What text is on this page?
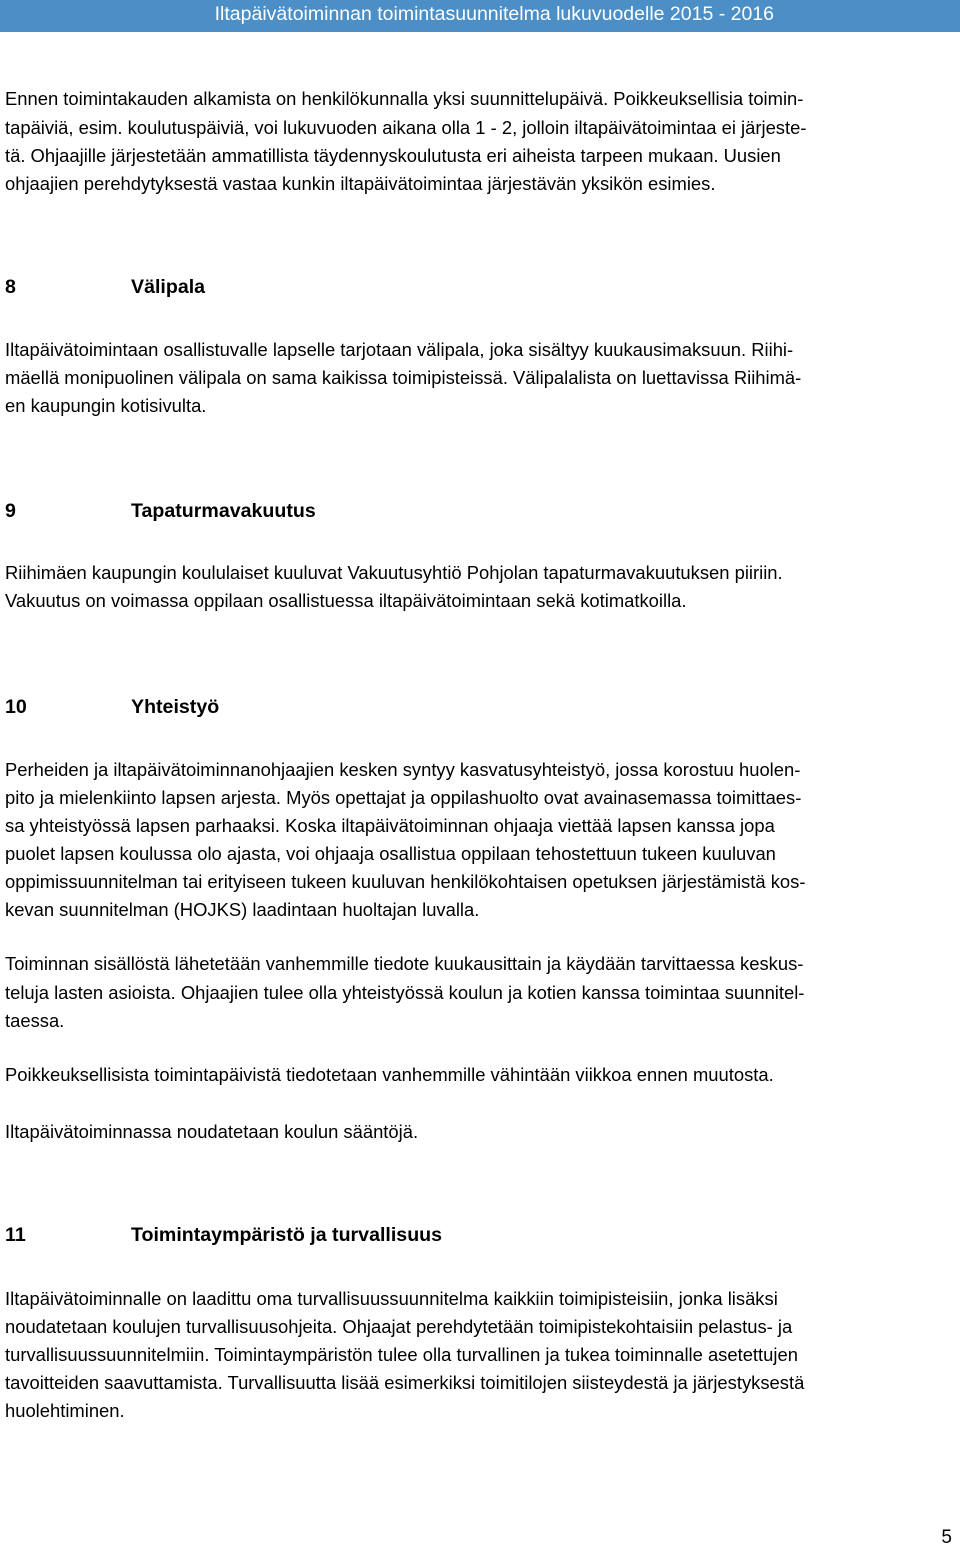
Iltapäivätoiminnan toimintasuunnitelma lukuvuodelle 2015 - 2016
Ennen toimintakauden alkamista on henkilökunnalla yksi suunnittelupäivä. Poikkeuksellisia toimin-
tapäiviä, esim. koulutuspäiviä, voi lukuvuoden aikana olla 1 - 2, jolloin iltapäivätoimintaa ei järjeste-
tä. Ohjaajille järjestetään ammatillista täydennyskoulutusta eri aiheista tarpeen mukaan. Uusien
ohjaajien perehdytyksestä vastaa kunkin iltapäivätoimintaa järjestävän yksikön esimies.
8	Välipala
Iltapäivätoimintaan osallistuvalle lapselle tarjotaan välipala, joka sisältyy kuukausimaksuun. Riihi-
mäellä monipuolinen välipala on sama kaikissa toimipisteissä. Välipalalista on luettavissa Riihimä-
en kaupungin kotisivulta.
9	Tapaturmavakuutus
Riihimäen kaupungin koululaiset kuuluvat Vakuutusyhtiö Pohjolan tapaturmavakuutuksen piiriin.
Vakuutus on voimassa oppilaan osallistuessa iltapäivätoimintaan sekä kotimatkoilla.
10	Yhteistyö
Perheiden ja iltapäivätoiminnanohjaajien kesken syntyy kasvatusyhteistyö, jossa korostuu huolen-
pito ja mielenkiinto lapsen arjesta. Myös opettajat ja oppilashuolto ovat avainasemassa toimittaes-
sa yhteistyössä lapsen parhaaksi. Koska iltapäivätoiminnan ohjaaja viettää lapsen kanssa jopa
puolet lapsen koulussa olo ajasta, voi ohjaaja osallistua oppilaan tehostettuun tukeen kuuluvan
oppimissuunnitelman tai erityiseen tukeen kuuluvan henkilökohtaisen opetuksen järjestämistä kos-
kevan suunnitelman (HOJKS) laadintaan huoltajan luvalla.
Toiminnan sisällöstä lähetetään vanhemmille tiedote kuukausittain ja käydään tarvittaessa keskus-
teluja lasten asioista. Ohjaajien tulee olla yhteistyössä koulun ja kotien kanssa toimintaa suunnitel-
taessa.
Poikkeuksellisista toimintapäivistä tiedotetaan vanhemmille vähintään viikkoa ennen muutosta.
Iltapäivätoiminnassa noudatetaan koulun sääntöjä.
11	Toimintaympäristö ja turvallisuus
Iltapäivätoiminnalle on laadittu oma turvallisuussuunnitelma kaikkiin toimipisteisiin, jonka lisäksi
noudatetaan koulujen turvallisuusohjeita. Ohjaajat perehdytetään toimipistekohtaisiin pelastus- ja
turvallisuussuunnitelmiin. Toimintaympäristön tulee olla turvallinen ja tukea toiminnalle asetettujen
tavoitteiden saavuttamista. Turvallisuutta lisää esimerkiksi toimitilojen siisteydestä ja järjestyksestä
huolehtiminen.
5
